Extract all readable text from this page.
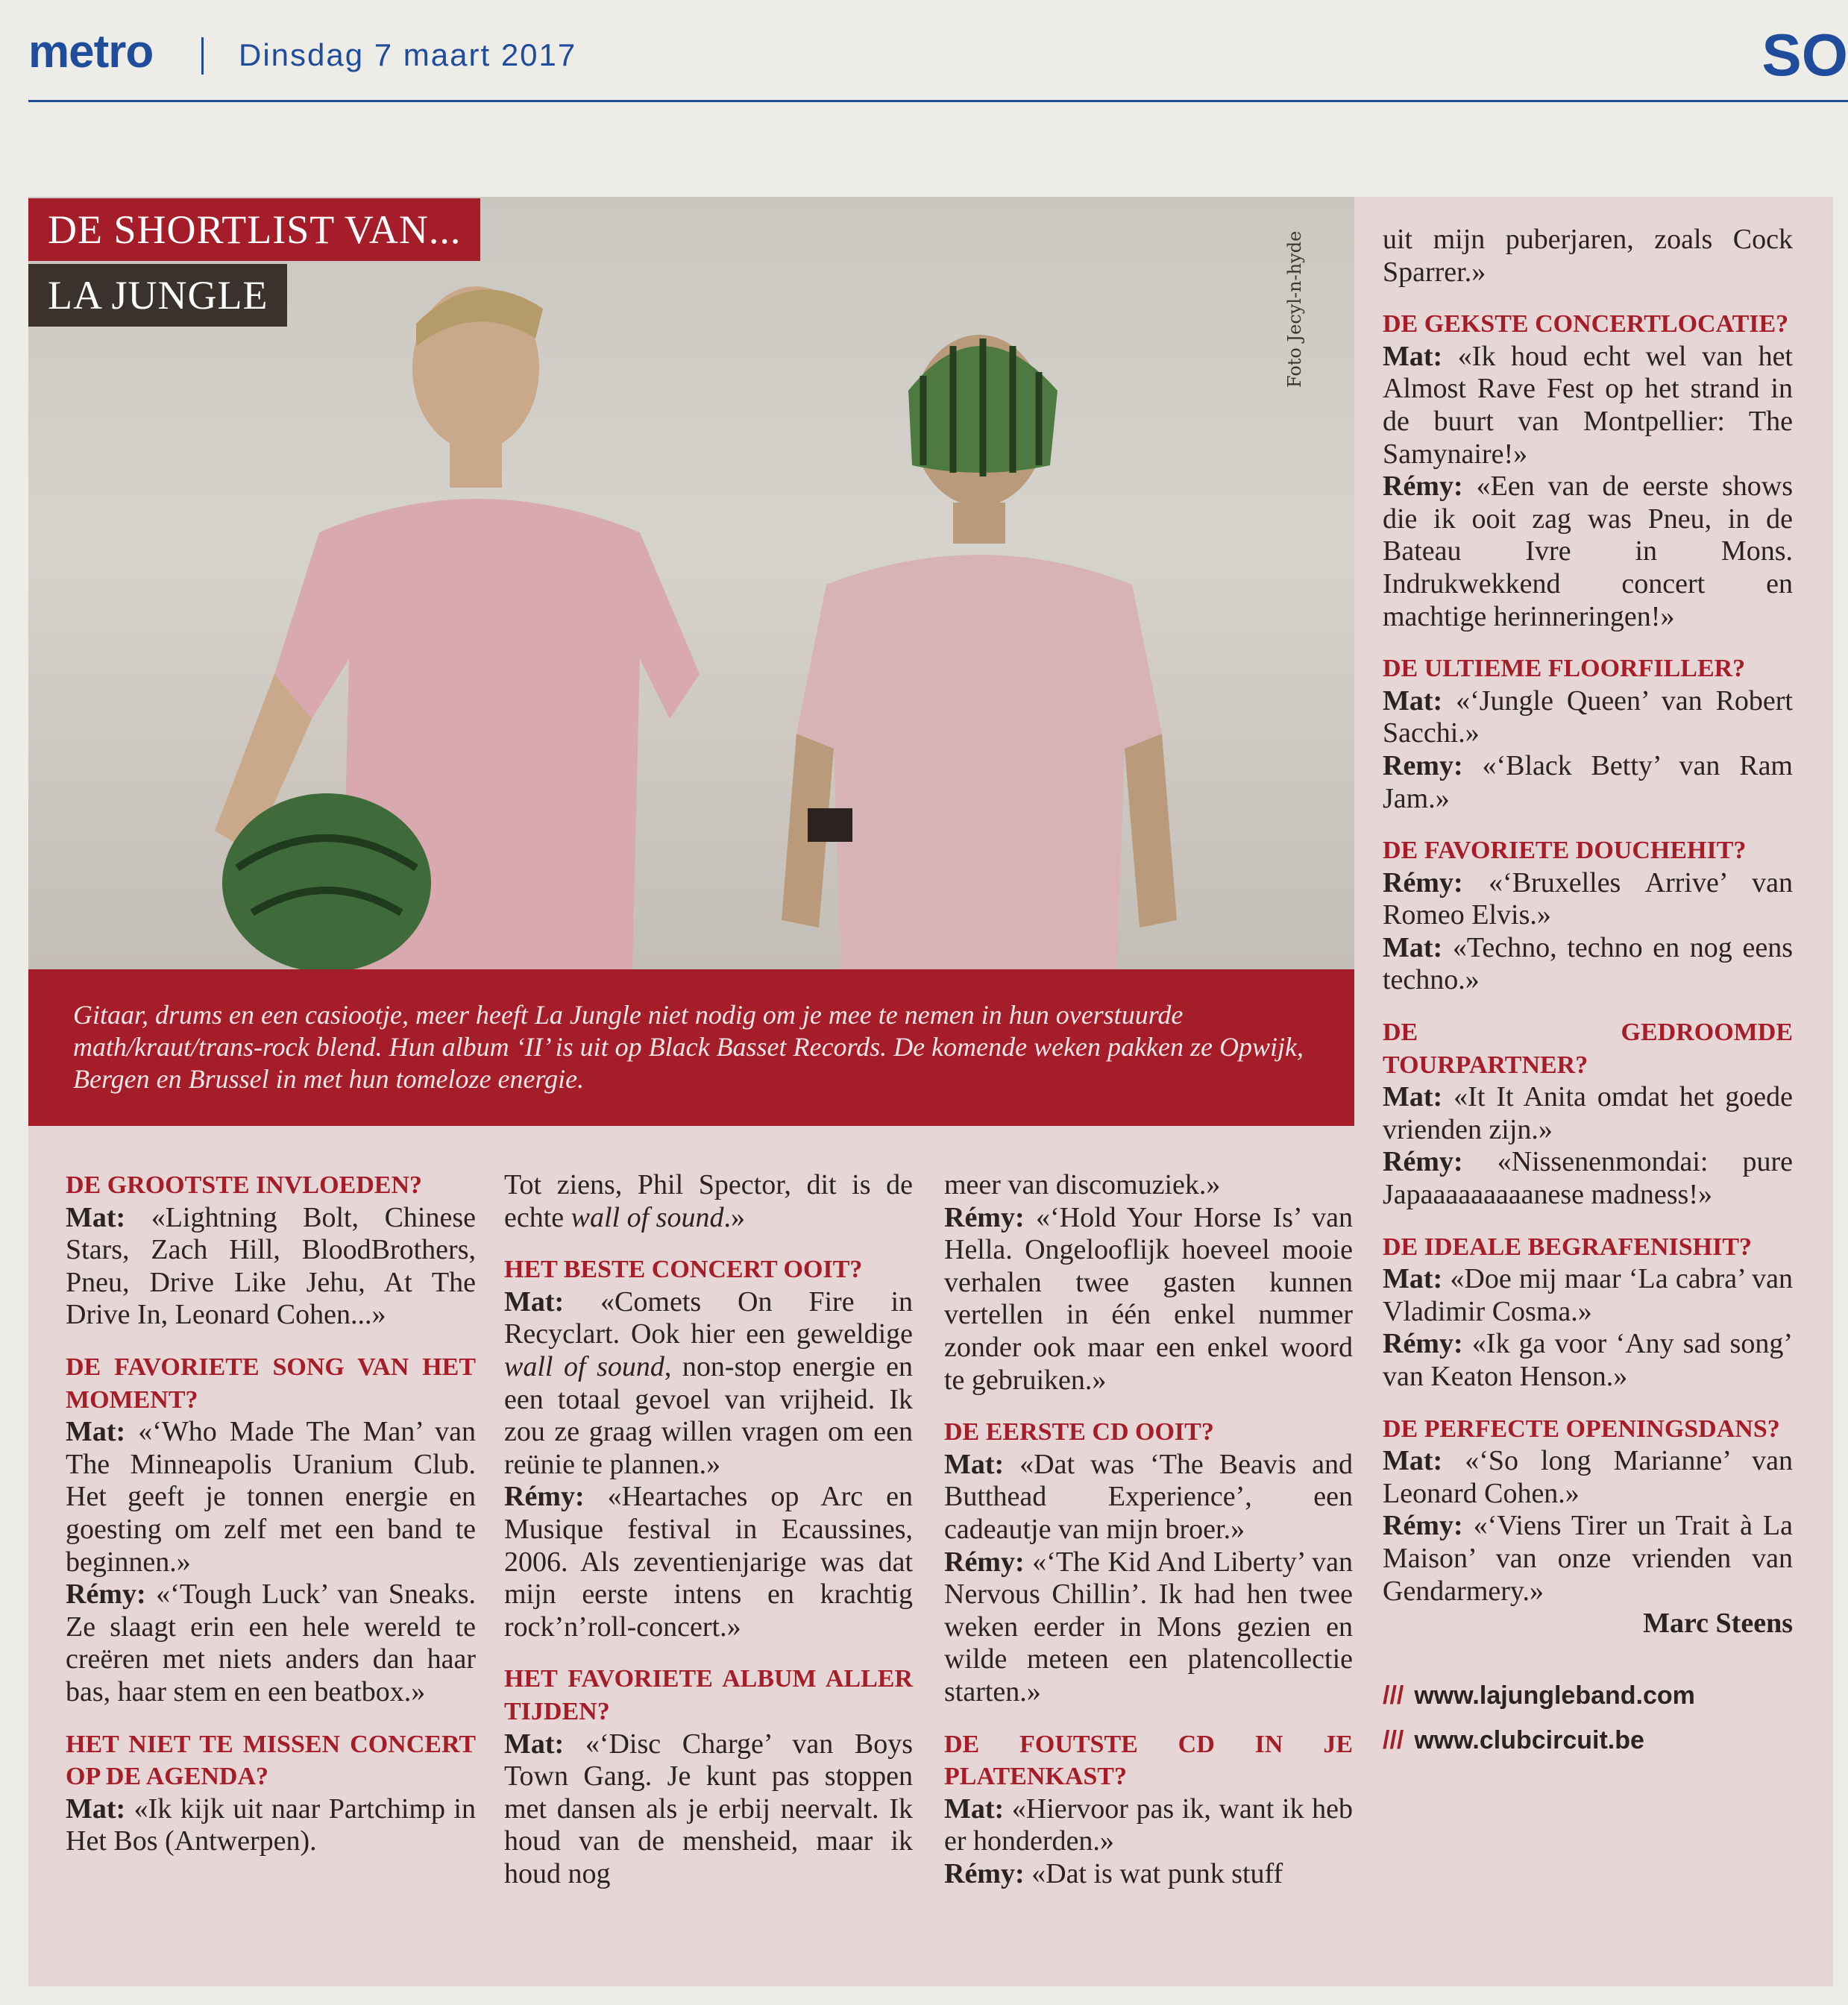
metro	Dinsdag 7 maart 2017	SO
Foto Jecyl-n-hyde
DE SHORTLIST VAN...
LA JUNGLE
Gitaar, drums en een casiootje, meer heeft La Jungle niet nodig om je mee te nemen in hun overstuurde math/kraut/trans-rock blend. Hun album ‘II’ is uit op Black Basset Records. De komende weken pakken ze Opwijk, Bergen en Brussel in met hun tomeloze energie.

DE GROOTSTE INVLOEDEN?

Mat: «Lightning Bolt, Chinese Stars, Zach Hill, BloodBrothers, Pneu, Drive Like Jehu, At The Drive In, Leonard Cohen...»

DE FAVORIETE SONG VAN HET MOMENT?

Mat: «‘Who Made The Man’ van The Minneapolis Uranium Club. Het geeft je tonnen energie en goesting om zelf met een band te beginnen.»

Rémy: «‘Tough Luck’ van Sneaks. Ze slaagt erin een hele wereld te creëren met niets anders dan haar bas, haar stem en een beatbox.»

HET NIET TE MISSEN CONCERT OP DE AGENDA?

Mat: «Ik kijk uit naar Partchimp in Het Bos (Antwerpen).

Tot ziens, Phil Spector, dit is de echte wall of sound.»

HET BESTE CONCERT OOIT?

Mat: «Comets On Fire in Recyclart. Ook hier een geweldige wall of sound, non-stop energie en een totaal gevoel van vrijheid. Ik zou ze graag willen vragen om een reünie te plannen.»

Rémy: «Heartaches op Arc en Musique festival in Ecaussines, 2006. Als zeventienjarige was dat mijn eerste intens en krachtig rock’n’roll-concert.»

HET FAVORIETE ALBUM ALLER TIJDEN?

Mat: «‘Disc Charge’ van Boys Town Gang. Je kunt pas stoppen met dansen als je erbij neervalt. Ik houd van de mensheid, maar ik houd nog

meer van discomuziek.»

Rémy: «‘Hold Your Horse Is’ van Hella. Ongelooflijk hoeveel mooie verhalen twee gasten kunnen vertellen in één enkel nummer zonder ook maar een enkel woord te gebruiken.»

DE EERSTE CD OOIT?

Mat: «Dat was ‘The Beavis and Butthead Experience’, een cadeautje van mijn broer.»

Rémy: «‘The Kid And Liberty’ van Nervous Chillin’. Ik had hen twee weken eerder in Mons gezien en wilde meteen een platencollectie starten.»

DE FOUTSTE CD IN JE PLATENKAST?

Mat: «Hiervoor pas ik, want ik heb er honderden.»

Rémy: «Dat is wat punk stuff

uit mijn puberjaren, zoals Cock Sparrer.»

DE GEKSTE CONCERTLOCATIE?

Mat: «Ik houd echt wel van het Almost Rave Fest op het strand in de buurt van Montpellier: The Samynaire!»

Rémy: «Een van de eerste shows die ik ooit zag was Pneu, in de Bateau Ivre in Mons. Indrukwekkend concert en machtige herinneringen!»

DE ULTIEME FLOORFILLER?

Mat: «‘Jungle Queen’ van Robert Sacchi.»

Remy: «‘Black Betty’ van Ram Jam.»

DE FAVORIETE DOUCHEHIT?

Rémy: «‘Bruxelles Arrive’ van Romeo Elvis.»

Mat: «Techno, techno en nog eens techno.»

DE GEDROOMDE TOURPARTNER?

Mat: «It It Anita omdat het goede vrienden zijn.»

Rémy: «Nissenenmondai: pure Japaaaaaaaaanese madness!»

DE IDEALE BEGRAFENISHIT?

Mat: «Doe mij maar ‘La cabra’ van Vladimir Cosma.»

Rémy: «Ik ga voor ‘Any sad song’ van Keaton Henson.»

DE PERFECTE OPENINGSDANS?

Mat: «‘So long Marianne’ van Leonard Cohen.»

Rémy: «‘Viens Tirer un Trait à La Maison’ van onze vrienden van Gendarmery.»

Marc Steens

/// www.lajungleband.com
/// www.clubcircuit.be
